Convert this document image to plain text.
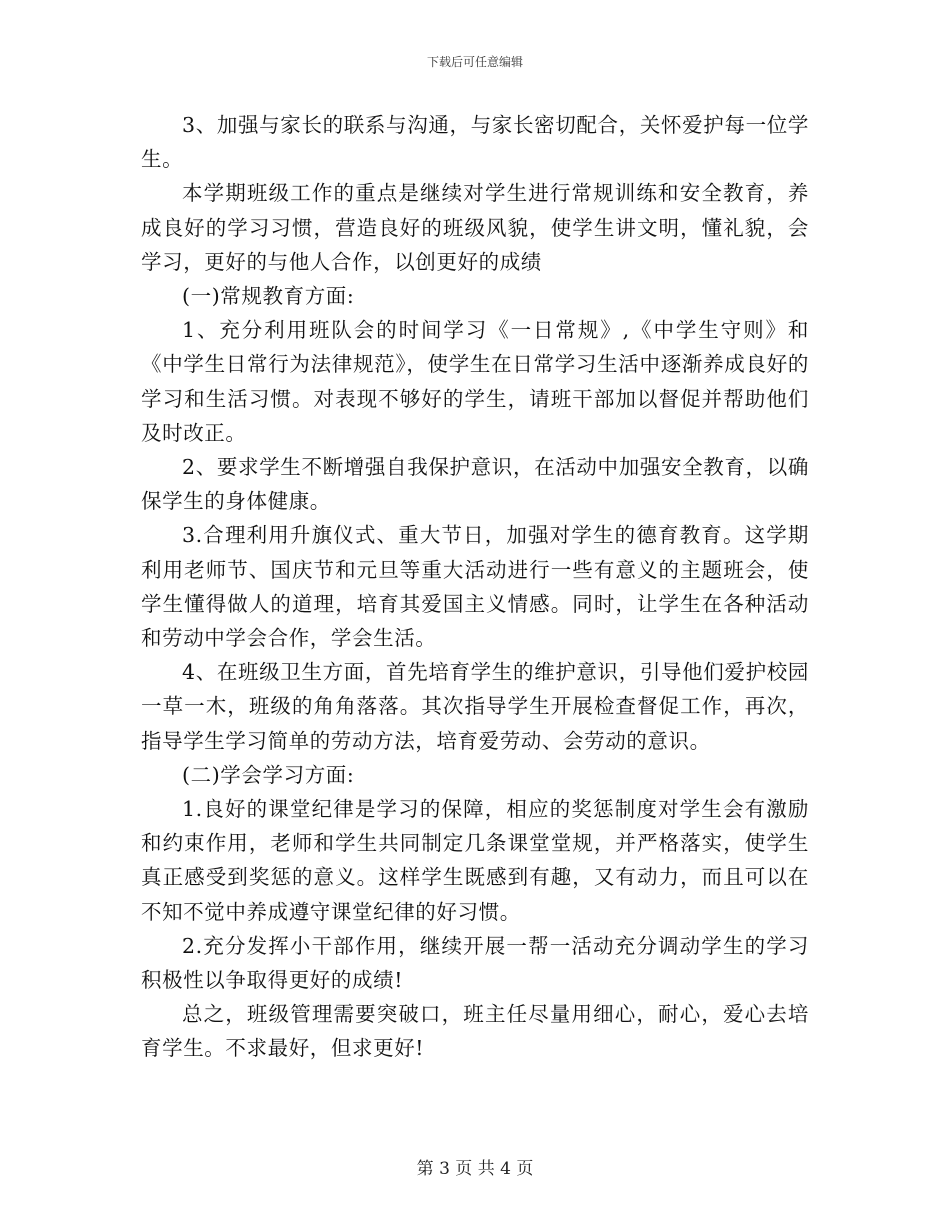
下载后可任意编辑

3、加强与家长的联系与沟通，与家长密切配合，关怀爱护每一位学生。

本学期班级工作的重点是继续对学生进行常规训练和安全教育，养成良好的学习习惯，营造良好的班级风貌，使学生讲文明，懂礼貌，会学习，更好的与他人合作，以创更好的成绩

(一)常规教育方面:

1、充分利用班队会的时间学习《一日常规》,《中学生守则》和《中学生日常行为法律规范》，使学生在日常学习生活中逐渐养成良好的学习和生活习惯。对表现不够好的学生，请班干部加以督促并帮助他们及时改正。

2、要求学生不断增强自我保护意识，在活动中加强安全教育，以确保学生的身体健康。

3.合理利用升旗仪式、重大节日，加强对学生的德育教育。这学期利用老师节、国庆节和元旦等重大活动进行一些有意义的主题班会，使学生懂得做人的道理，培育其爱国主义情感。同时，让学生在各种活动和劳动中学会合作，学会生活。

4、在班级卫生方面，首先培育学生的维护意识，引导他们爱护校园一草一木，班级的角角落落。其次指导学生开展检查督促工作，再次，指导学生学习简单的劳动方法，培育爱劳动、会劳动的意识。

(二)学会学习方面:

1.良好的课堂纪律是学习的保障，相应的奖惩制度对学生会有激励和约束作用，老师和学生共同制定几条课堂堂规，并严格落实，使学生真正感受到奖惩的意义。这样学生既感到有趣，又有动力，而且可以在不知不觉中养成遵守课堂纪律的好习惯。

2.充分发挥小干部作用，继续开展一帮一活动充分调动学生的学习积极性以争取得更好的成绩!

总之，班级管理需要突破口，班主任尽量用细心，耐心，爱心去培育学生。不求最好，但求更好!

第 3 页 共 4 页
